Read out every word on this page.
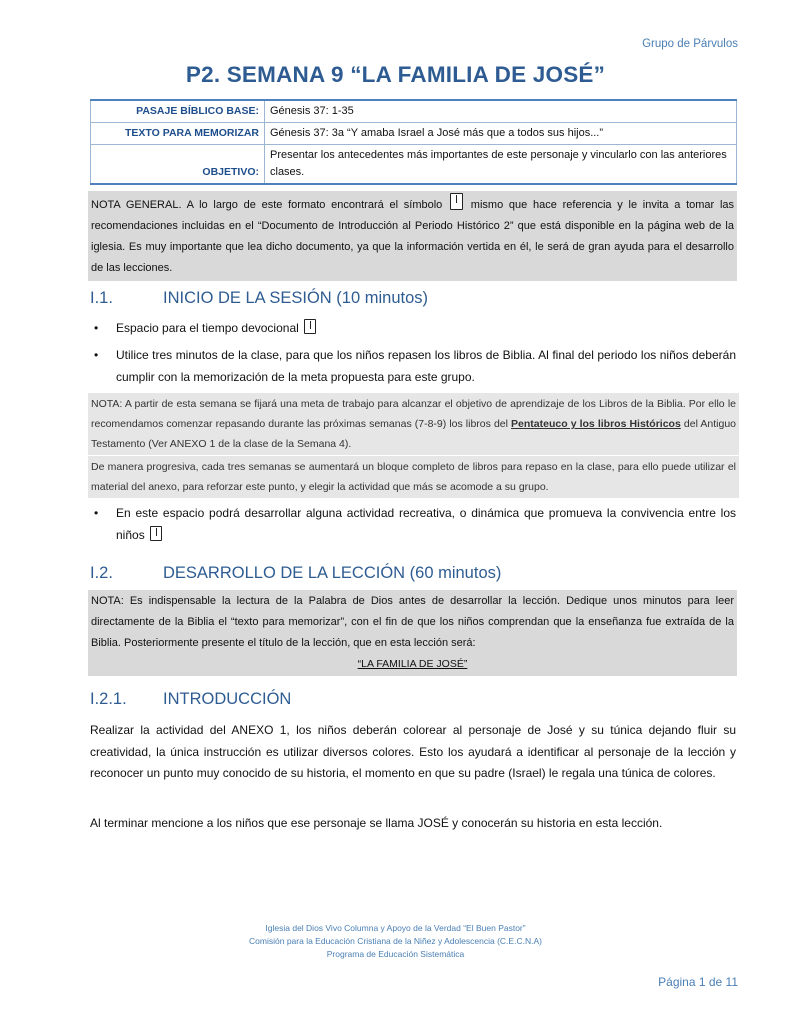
Grupo de Párvulos
P2. SEMANA 9 “LA FAMILIA DE JOSÉ”
PASAJE BÍBLICO BASE:	Génesis 37: 1-35
TEXTO PARA MEMORIZAR	Génesis 37: 3a “Y amaba Israel a José más que a todos sus hijos...”
OBJETIVO:	Presentar los antecedentes más importantes de este personaje y vincularlo con las anteriores clases.
NOTA GENERAL. A lo largo de este formato encontrará el símbolo	mismo que hace referencia y le invita a tomar las recomendaciones incluidas en el “Documento de Introducción al Periodo Histórico 2” que está disponible en la página web de la iglesia. Es muy importante que lea dicho documento, ya que la información vertida en él, le será de gran ayuda para el desarrollo de las lecciones.
I.1.	INICIO DE LA SESIÓN (10 minutos)
• Espacio para el tiempo devocional
• Utilice tres minutos de la clase, para que los niños repasen los libros de Biblia. Al final del periodo los niños deberán cumplir con la memorización de la meta propuesta para este grupo.
NOTA: A partir de esta semana se fijará una meta de trabajo para alcanzar el objetivo de aprendizaje de los Libros de la Biblia. Por ello le recomendamos comenzar repasando durante las próximas semanas (7-8-9) los libros del Pentateuco y los libros Históricos del Antiguo Testamento (Ver ANEXO 1 de la clase de la Semana 4).
De manera progresiva, cada tres semanas se aumentará un bloque completo de libros para repaso en la clase, para ello puede utilizar el material del anexo, para reforzar este punto, y elegir la actividad que más se acomode a su grupo.
• En este espacio podrá desarrollar alguna actividad recreativa, o dinámica que promueva la convivencia entre los niños
I.2.	DESARROLLO DE LA LECCIÓN (60 minutos)
NOTA: Es indispensable la lectura de la Palabra de Dios antes de desarrollar la lección. Dedique unos minutos para leer directamente de la Biblia el “texto para memorizar”, con el fin de que los niños comprendan que la enseñanza fue extraída de la Biblia. Posteriormente presente el título de la lección, que en esta lección será:
“LA FAMILIA DE JOSÉ”
I.2.1. INTRODUCCIÓN
Realizar la actividad del ANEXO 1, los niños deberán colorear al personaje de José y su túnica dejando fluir su creatividad, la única instrucción es utilizar diversos colores. Esto los ayudará a identificar al personaje de la lección y reconocer un punto muy conocido de su historia, el momento en que su padre (Israel) le regala una túnica de colores.
Al terminar mencione a los niños que ese personaje se llama JOSÉ y conocerán su historia en esta lección.
Iglesia del Dios Vivo Columna y Apoyo de la Verdad “El Buen Pastor”
Comisión para la Educación Cristiana de la Niñez y Adolescencia (C.E.C.N.A)
Programa de Educación Sistemática
Página 1 de 11
